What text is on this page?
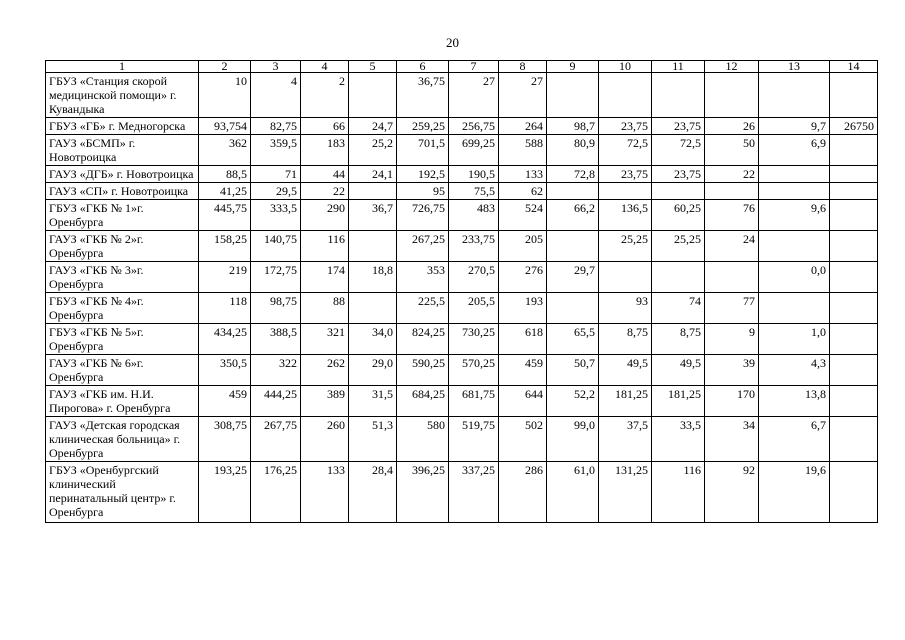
20
1	2	3	4	5	6	7	8	9	10	11	12	13	14
ГБУЗ «Станция скорой медицинской помощи» г. Кувандыка	10	4	2		36,75	27	27						
ГБУЗ «ГБ» г. Медногорска	93,754	82,75	66	24,7	259,25	256,75	264	98,7	23,75	23,75	26	9,7	26750
ГАУЗ «БСМП» г. Новотроицка	362	359,5	183	25,2	701,5	699,25	588	80,9	72,5	72,5	50	6,9	
ГАУЗ «ДГБ» г. Новотроицка	88,5	71	44	24,1	192,5	190,5	133	72,8	23,75	23,75	22		
ГАУЗ «СП» г. Новотроицка	41,25	29,5	22		95	75,5	62						
ГБУЗ «ГКБ № 1»г. Оренбурга	445,75	333,5	290	36,7	726,75	483	524	66,2	136,5	60,25	76	9,6	
ГАУЗ «ГКБ № 2»г. Оренбурга	158,25	140,75	116		267,25	233,75	205		25,25	25,25	24		
ГАУЗ «ГКБ № 3»г. Оренбурга	219	172,75	174	18,8	353	270,5	276	29,7				0,0	
ГБУЗ «ГКБ № 4»г. Оренбурга	118	98,75	88		225,5	205,5	193		93	74	77		
ГБУЗ «ГКБ № 5»г. Оренбурга	434,25	388,5	321	34,0	824,25	730,25	618	65,5	8,75	8,75	9	1,0	
ГАУЗ «ГКБ № 6»г. Оренбурга	350,5	322	262	29,0	590,25	570,25	459	50,7	49,5	49,5	39	4,3	
ГАУЗ «ГКБ им. Н.И. Пирогова» г. Оренбурга	459	444,25	389	31,5	684,25	681,75	644	52,2	181,25	181,25	170	13,8	
ГАУЗ «Детская городская клиническая больница» г. Оренбурга	308,75	267,75	260	51,3	580	519,75	502	99,0	37,5	33,5	34	6,7	
ГБУЗ «Оренбургский клинический перинатальный центр» г. Оренбурга	193,25	176,25	133	28,4	396,25	337,25	286	61,0	131,25	116	92	19,6	
